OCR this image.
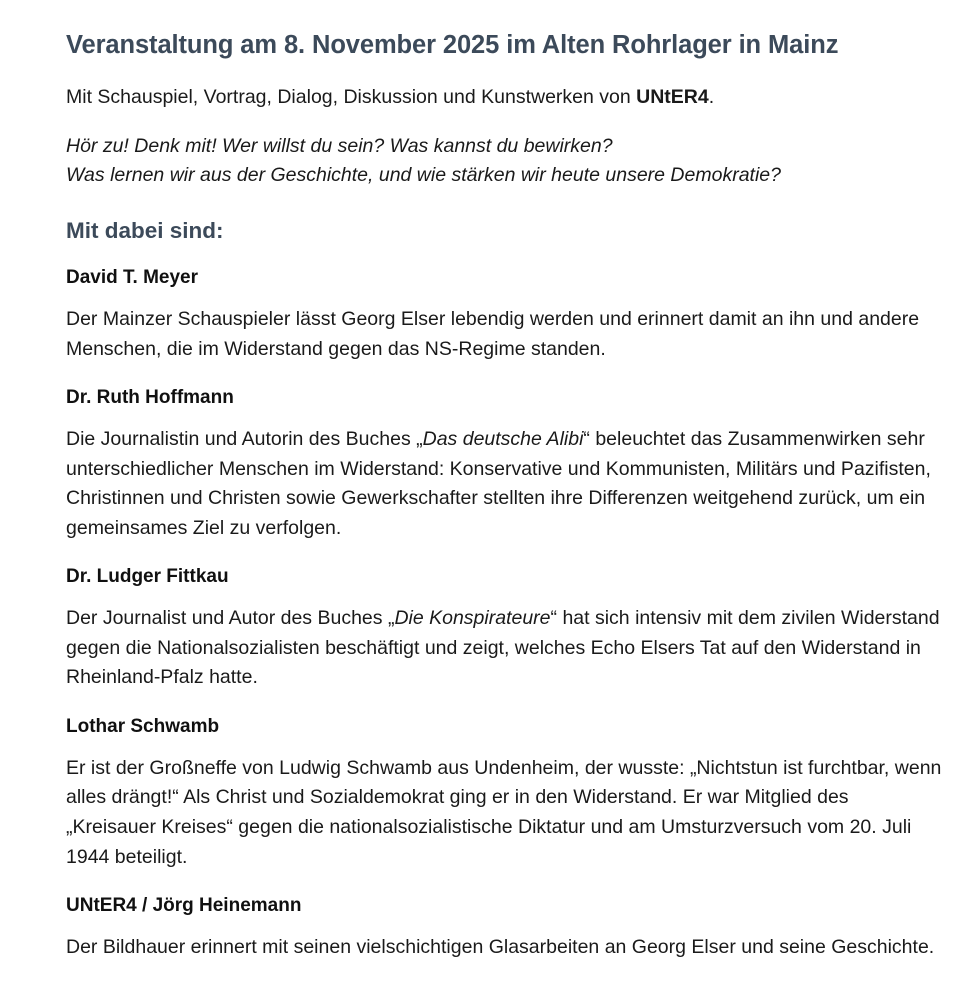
Veranstaltung am 8. November 2025 im Alten Rohrlager in Mainz

Mit Schauspiel, Vortrag, Dialog, Diskussion und Kunstwerken von UNtER4.

Hör zu! Denk mit! Wer willst du sein? Was kannst du bewirken?
Was lernen wir aus der Geschichte, und wie stärken wir heute unsere Demokratie?
Mit dabei sind:
David T. Meyer

Der Mainzer Schauspieler lässt Georg Elser lebendig werden und erinnert damit an ihn und andere Menschen, die im Widerstand gegen das NS-Regime standen.

Dr. Ruth Hoffmann

Die Journalistin und Autorin des Buches „Das deutsche Alibi“ beleuchtet das Zusammenwirken sehr unterschiedlicher Menschen im Widerstand: Konservative und Kommunisten, Militärs und Pazifisten, Christinnen und Christen sowie Gewerkschafter stellten ihre Differenzen weitgehend zurück, um ein gemeinsames Ziel zu verfolgen.

Dr. Ludger Fittkau

Der Journalist und Autor des Buches „Die Konspirateure“ hat sich intensiv mit dem zivilen Widerstand gegen die Nationalsozialisten beschäftigt und zeigt, welches Echo Elsers Tat auf den Widerstand in Rheinland-Pfalz hatte.

Lothar Schwamb

Er ist der Großneffe von Ludwig Schwamb aus Undenheim, der wusste: „Nichtstun ist furchtbar, wenn alles drängt!“ Als Christ und Sozialdemokrat ging er in den Widerstand. Er war Mitglied des „Kreisauer Kreises“ gegen die nationalsozialistische Diktatur und am Umsturzversuch vom 20. Juli 1944 beteiligt.

UNtER4 / Jörg Heinemann

Der Bildhauer erinnert mit seinen vielschichtigen Glasarbeiten an Georg Elser und seine Geschichte.
